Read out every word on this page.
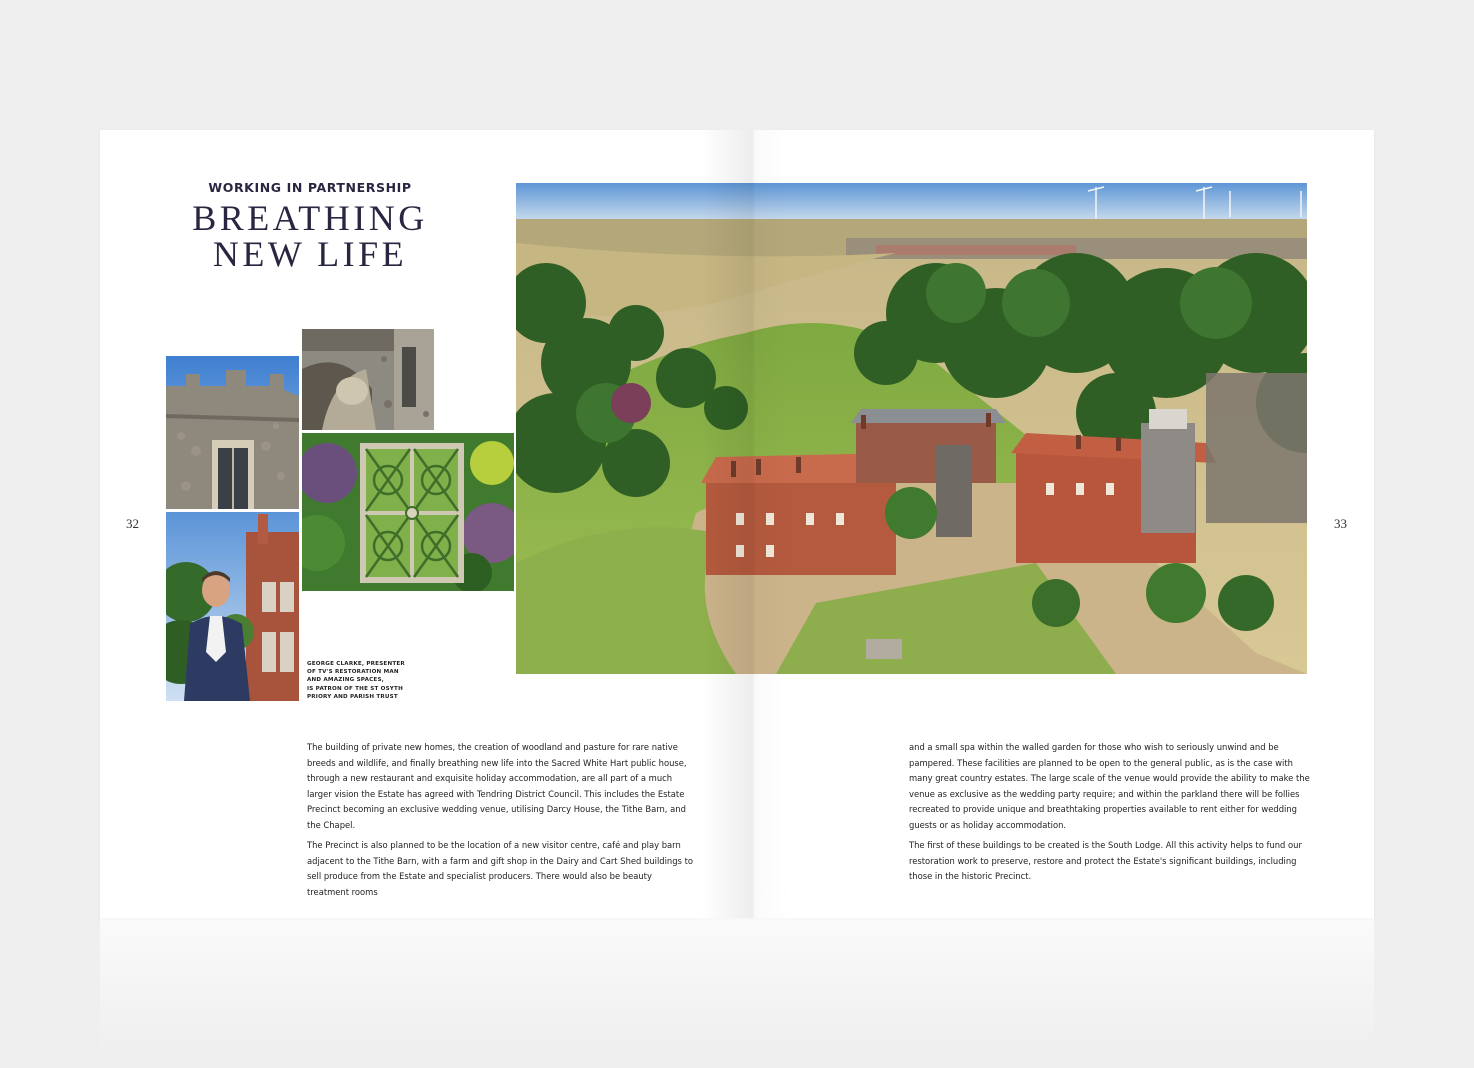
WORKING IN PARTNERSHIP
BREATHING
NEW LIFE
GEORGE CLARKE, PRESENTER
OF TV'S RESTORATION MAN
AND AMAZING SPACES,
IS PATRON OF THE ST OSYTH
PRIORY AND PARISH TRUST
32	33

The building of private new homes, the creation of woodland and pasture for rare native breeds and wildlife, and finally breathing new life into the Sacred White Hart public house, through a new restaurant and exquisite holiday accommodation, are all part of a much larger vision the Estate has agreed with Tendring District Council. This includes the Estate Precinct becoming an exclusive wedding venue, utilising Darcy House, the Tithe Barn, and the Chapel.

The Precinct is also planned to be the location of a new visitor centre, café and play barn adjacent to the Tithe Barn, with a farm and gift shop in the Dairy and Cart Shed buildings to sell produce from the Estate and specialist producers. There would also be beauty treatment rooms

and a small spa within the walled garden for those who wish to seriously unwind and be pampered. These facilities are planned to be open to the general public, as is the case with many great country estates. The large scale of the venue would provide the ability to make the venue as exclusive as the wedding party require; and within the parkland there will be follies recreated to provide unique and breathtaking properties available to rent either for wedding guests or as holiday accommodation.

The first of these buildings to be created is the South Lodge. All this activity helps to fund our restoration work to preserve, restore and protect the Estate's significant buildings, including those in the historic Precinct.
